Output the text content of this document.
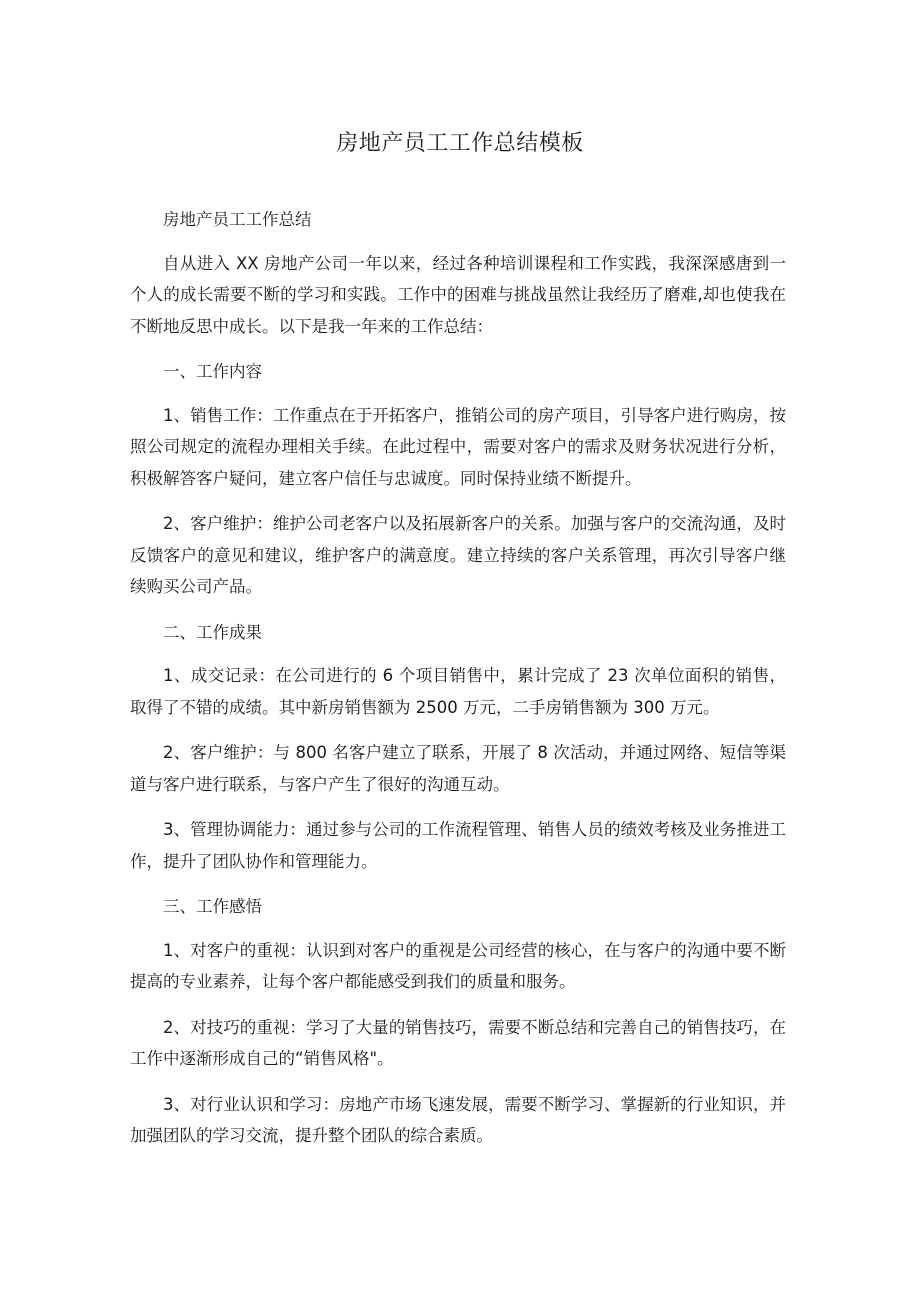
房地产员工工作总结模板

房地产员工工作总结

自从进入 XX 房地产公司一年以来，经过各种培训课程和工作实践，我深深感唐到一个人的成长需要不断的学习和实践。工作中的困难与挑战虽然让我经历了磨难,却也使我在不断地反思中成长。以下是我一年来的工作总结：

一、工作内容

1、销售工作：工作重点在于开拓客户，推销公司的房产项目，引导客户进行购房，按照公司规定的流程办理相关手续。在此过程中，需要对客户的需求及财务状况进行分析，积极解答客户疑问，建立客户信任与忠诚度。同时保持业绩不断提升。

2、客户维护：维护公司老客户以及拓展新客户的关系。加强与客户的交流沟通，及时反馈客户的意见和建议，维护客户的满意度。建立持续的客户关系管理，再次引导客户继续购买公司产品。

二、工作成果

1、成交记录：在公司进行的 6 个项目销售中，累计完成了 23 次单位面积的销售，取得了不错的成绩。其中新房销售额为 2500 万元，二手房销售额为 300 万元。

2、客户维护：与 800 名客户建立了联系，开展了 8 次活动，并通过网络、短信等渠道与客户进行联系，与客户产生了很好的沟通互动。

3、管理协调能力：通过参与公司的工作流程管理、销售人员的绩效考核及业务推进工作，提升了团队协作和管理能力。

三、工作感悟

1、对客户的重视：认识到对客户的重视是公司经营的核心，在与客户的沟通中要不断提高的专业素养，让每个客户都能感受到我们的质量和服务。

2、对技巧的重视：学习了大量的销售技巧，需要不断总结和完善自己的销售技巧，在工作中逐渐形成自己的“销售风格"。

3、对行业认识和学习：房地产市场飞速发展，需要不断学习、掌握新的行业知识，并加强团队的学习交流，提升整个团队的综合素质。
